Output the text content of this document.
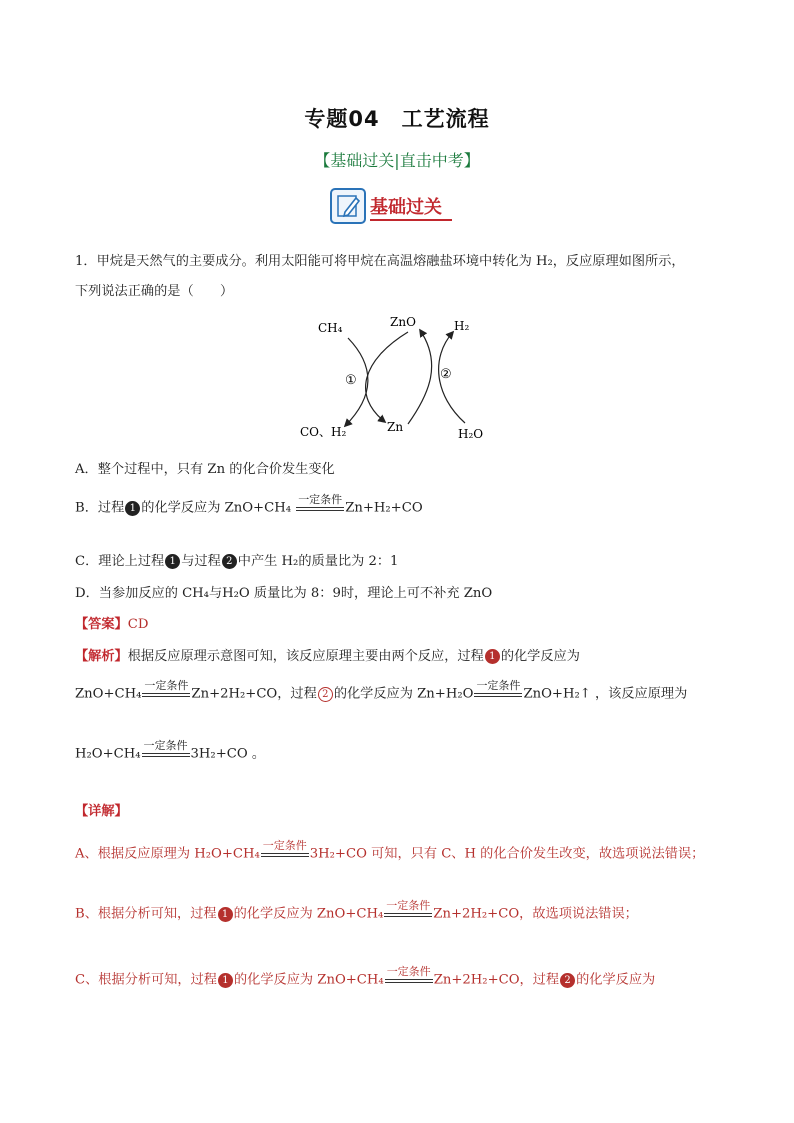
专题04　工艺流程
【基础过关|直击中考】
基础过关
1．甲烷是天然气的主要成分。利用太阳能可将甲烷在高温熔融盐环境中转化为 H₂，反应原理如图所示，
下列说法正确的是（　　）
CH₄	ZnO	H₂
①	②
CO、H₂	Zn	H₂O
A．整个过程中，只有 Zn 的化合价发生变化
B．过程 1 的化学反应为 ZnO+CH₄
一定条件
Zn+H₂+CO
C．理论上过程 1 与过程 2 中产生 H₂的质量比为 2：1
D．当参加反应的 CH₄与H₂O 质量比为 8：9时，理论上可不补充 ZnO
【答案】CD
【解析】根据反应原理示意图可知，该反应原理主要由两个反应，过程 1 的化学反应为
ZnO+CH₄
一定条件
Zn+2H₂+CO，过程 2 的化学反应为 Zn+H₂O
一定条件
ZnO+H₂↑ ，该反应原理为
H₂O+CH₄
一定条件
3H₂+CO 。
【详解】
A、根据反应原理为 H₂O+CH₄
一定条件
3H₂+CO 可知，只有 C、H 的化合价发生改变，故选项说法错误；
B、根据分析可知，过程 1 的化学反应为 ZnO+CH₄
一定条件
Zn+2H₂+CO，故选项说法错误；
C、根据分析可知，过程 1 的化学反应为 ZnO+CH₄
一定条件
Zn+2H₂+CO，过程 2 的化学反应为
